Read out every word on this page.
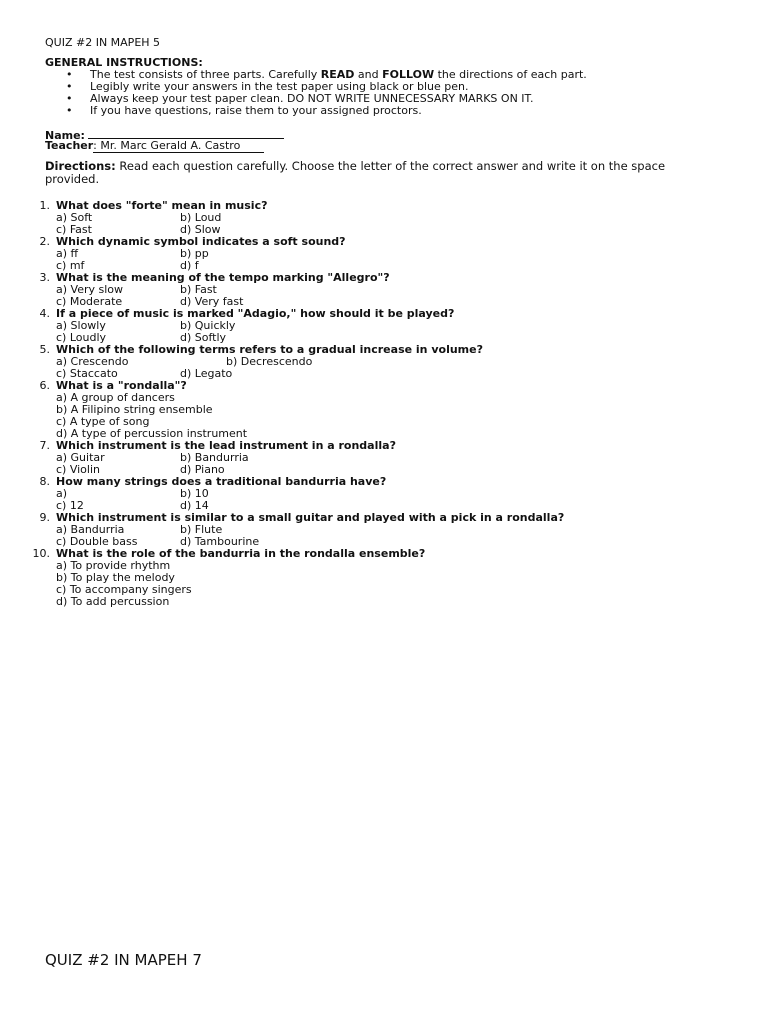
QUIZ #2 IN MAPEH 5
GENERAL INSTRUCTIONS:
• The test consists of three parts. Carefully READ and FOLLOW the directions of each part.
• Legibly write your answers in the test paper using black or blue pen.
• Always keep your test paper clean. DO NOT WRITE UNNECESSARY MARKS ON IT.
• If you have questions, raise them to your assigned proctors.
Name:
Teacher: Mr. Marc Gerald A. Castro
Directions: Read each question carefully. Choose the letter of the correct answer and write it on the space provided.
1. What does "forte" mean in music?
a) Soft	b) Loud
c) Fast	d) Slow
2. Which dynamic symbol indicates a soft sound?
a) ff	b) pp
c) mf	d) f
3. What is the meaning of the tempo marking "Allegro"?
a) Very slow	b) Fast
c) Moderate	d) Very fast
4. If a piece of music is marked "Adagio," how should it be played?
a) Slowly	b) Quickly
c) Loudly	d) Softly
5. Which of the following terms refers to a gradual increase in volume?
a) Crescendo	b) Decrescendo
c) Staccato	d) Legato
6. What is a "rondalla"?
a) A group of dancers
b) A Filipino string ensemble
c) A type of song
d) A type of percussion instrument
7. Which instrument is the lead instrument in a rondalla?
a) Guitar	b) Bandurria
c) Violin	d) Piano
8. How many strings does a traditional bandurria have?
a)	b) 10
c) 12	d) 14
9. Which instrument is similar to a small guitar and played with a pick in a rondalla?
a) Bandurria	b) Flute
c) Double bass	d) Tambourine
10. What is the role of the bandurria in the rondalla ensemble?
a) To provide rhythm
b) To play the melody
c) To accompany singers
d) To add percussion
QUIZ #2 IN MAPEH 7
